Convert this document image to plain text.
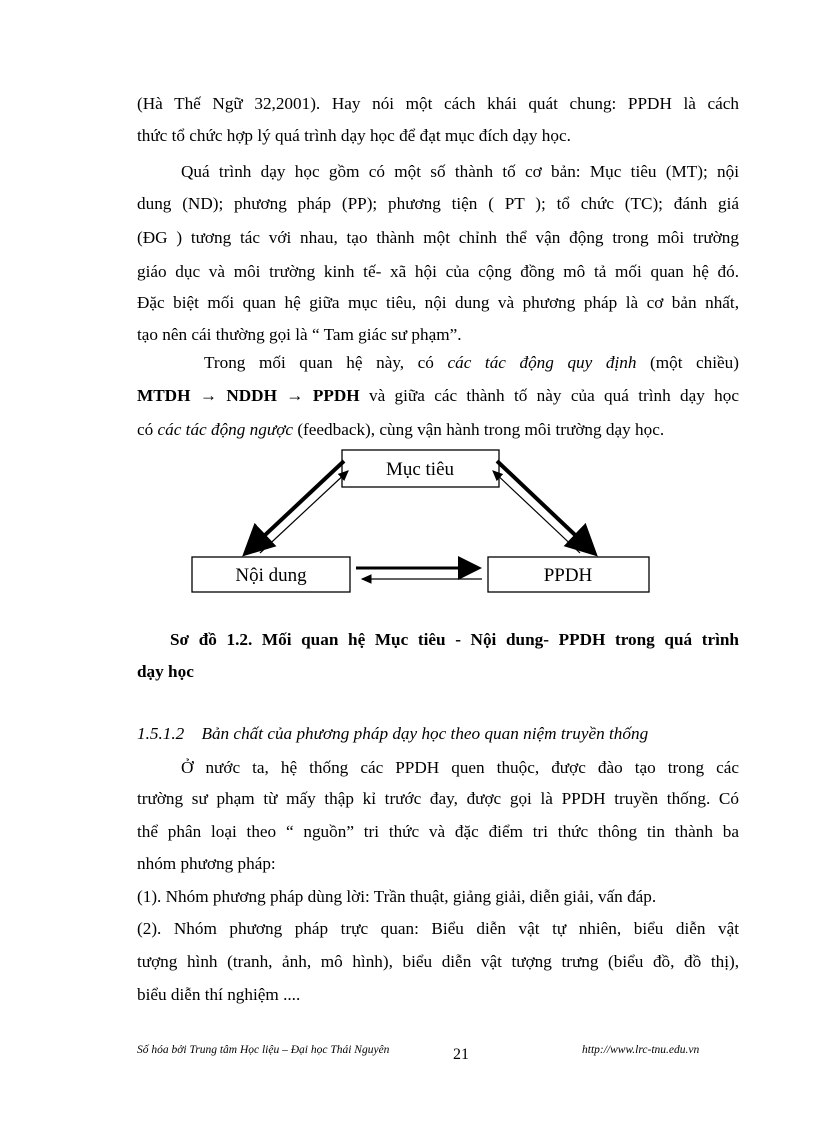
(Hà Thế Ngữ 32,2001). Hay nói một cách khái quát chung: PPDH là cách
thức tổ chức hợp lý quá trình dạy học để đạt mục đích dạy học.
Quá trình dạy học gồm có một số thành tố cơ bản: Mục tiêu (MT); nội
dung (ND); phương pháp (PP); phương tiện ( PT ); tổ chức (TC); đánh giá
(ĐG ) tương tác với nhau, tạo thành một chỉnh thể vận động trong môi trường
giáo dục và môi trường kinh tế- xã hội của cộng đồng mô tả mối quan hệ đó.
Đặc biệt mối quan hệ giữa mục tiêu, nội dung và phương pháp là cơ bản nhất,
tạo nên cái thường gọi là “ Tam giác sư phạm”.
Trong mối quan hệ này, có các tác động quy định (một chiều)
MTDH → NDDH → PPDH và giữa các thành tố này của quá trình dạy học
có các tác động ngược (feedback), cùng vận hành trong môi trường dạy học.
Mục tiêu
Nội dung	PPDH
Sơ đồ 1.2. Mối quan hệ Mục tiêu - Nội dung- PPDH trong quá trình
dạy học
1.5.1.2 Bản chất của phương pháp dạy học theo quan niệm truyền thống
Ở nước ta, hệ thống các PPDH quen thuộc, được đào tạo trong các
trường sư phạm từ mấy thập kỉ trước đay, được gọi là PPDH truyền thống. Có
thể phân loại theo “ nguồn” tri thức và đặc điểm tri thức thông tin thành ba
nhóm phương pháp:
(1). Nhóm phương pháp dùng lời: Trần thuật, giảng giải, diễn giải, vấn đáp.
(2). Nhóm phương pháp trực quan: Biểu diễn vật tự nhiên, biểu diễn vật
tượng hình (tranh, ảnh, mô hình), biểu diễn vật tượng trưng (biểu đồ, đồ thị),
biểu diễn thí nghiệm ....
Số hóa bởi Trung tâm Học liệu – Đại học Thái Nguyên	21	http://www.lrc-tnu.edu.vn
